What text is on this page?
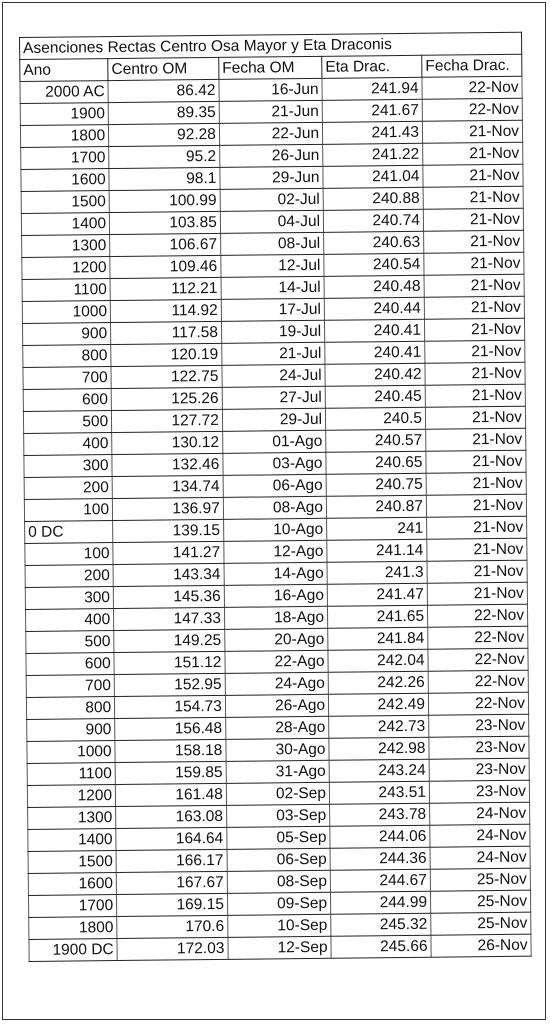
Asenciones Rectas Centro Osa Mayor y Eta Draconis				
Ano	Centro OM	Fecha OM	Eta Drac.	Fecha Drac.
2000 AC	86.42	16-Jun	241.94	22-Nov
1900	89.35	21-Jun	241.67	22-Nov
1800	92.28	22-Jun	241.43	21-Nov
1700	95.2	26-Jun	241.22	21-Nov
1600	98.1	29-Jun	241.04	21-Nov
1500	100.99	02-Jul	240.88	21-Nov
1400	103.85	04-Jul	240.74	21-Nov
1300	106.67	08-Jul	240.63	21-Nov
1200	109.46	12-Jul	240.54	21-Nov
1100	112.21	14-Jul	240.48	21-Nov
1000	114.92	17-Jul	240.44	21-Nov
900	117.58	19-Jul	240.41	21-Nov
800	120.19	21-Jul	240.41	21-Nov
700	122.75	24-Jul	240.42	21-Nov
600	125.26	27-Jul	240.45	21-Nov
500	127.72	29-Jul	240.5	21-Nov
400	130.12	01-Ago	240.57	21-Nov
300	132.46	03-Ago	240.65	21-Nov
200	134.74	06-Ago	240.75	21-Nov
100	136.97	08-Ago	240.87	21-Nov
0 DC	139.15	10-Ago	241	21-Nov
100	141.27	12-Ago	241.14	21-Nov
200	143.34	14-Ago	241.3	21-Nov
300	145.36	16-Ago	241.47	21-Nov
400	147.33	18-Ago	241.65	22-Nov
500	149.25	20-Ago	241.84	22-Nov
600	151.12	22-Ago	242.04	22-Nov
700	152.95	24-Ago	242.26	22-Nov
800	154.73	26-Ago	242.49	22-Nov
900	156.48	28-Ago	242.73	23-Nov
1000	158.18	30-Ago	242.98	23-Nov
1100	159.85	31-Ago	243.24	23-Nov
1200	161.48	02-Sep	243.51	23-Nov
1300	163.08	03-Sep	243.78	24-Nov
1400	164.64	05-Sep	244.06	24-Nov
1500	166.17	06-Sep	244.36	24-Nov
1600	167.67	08-Sep	244.67	25-Nov
1700	169.15	09-Sep	244.99	25-Nov
1800	170.6	10-Sep	245.32	25-Nov
1900 DC	172.03	12-Sep	245.66	26-Nov
